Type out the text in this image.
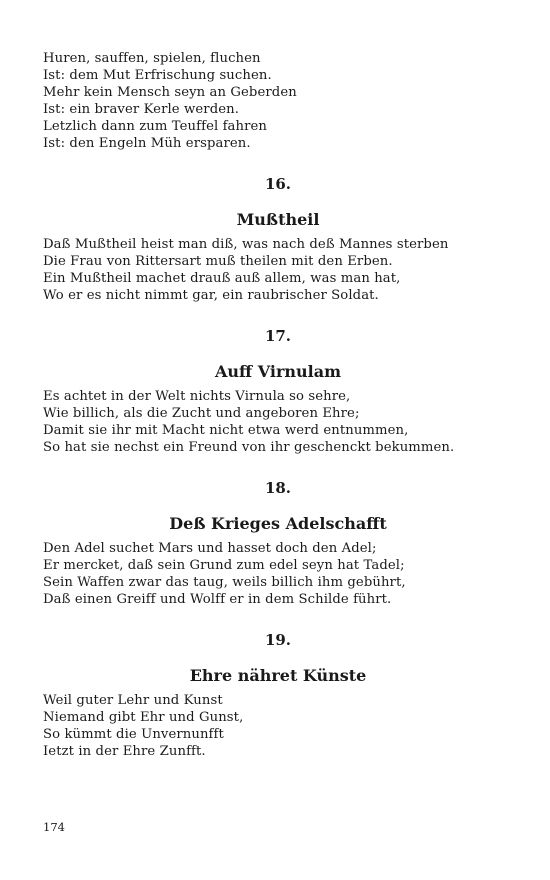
Huren, sauffen, spielen, fluchen
Ist: dem Mut Erfrischung suchen.
Mehr kein Mensch seyn an Geberden
Ist: ein braver Kerle werden.
Letzlich dann zum Teuffel fahren
Ist: den Engeln Müh ersparen.
16.
Mußtheil
Daß Mußtheil heist man diß, was nach deß Mannes sterben
Die Frau von Rittersart muß theilen mit den Erben.
Ein Mußtheil machet drauß auß allem, was man hat,
Wo er es nicht nimmt gar, ein raubrischer Soldat.
17.
Auff Virnulam
Es achtet in der Welt nichts Virnula so sehre,
Wie billich, als die Zucht und angeboren Ehre;
Damit sie ihr mit Macht nicht etwa werd entnummen,
So hat sie nechst ein Freund von ihr geschenckt bekummen.
18.
Deß Krieges Adelschafft
Den Adel suchet Mars und hasset doch den Adel;
Er mercket, daß sein Grund zum edel seyn hat Tadel;
Sein Waffen zwar das taug, weils billich ihm gebührt,
Daß einen Greiff und Wolff er in dem Schilde führt.
19.
Ehre nähret Künste
Weil guter Lehr und Kunst
Niemand gibt Ehr und Gunst,
So kümmt die Unvernunfft
Ietzt in der Ehre Zunfft.
174
